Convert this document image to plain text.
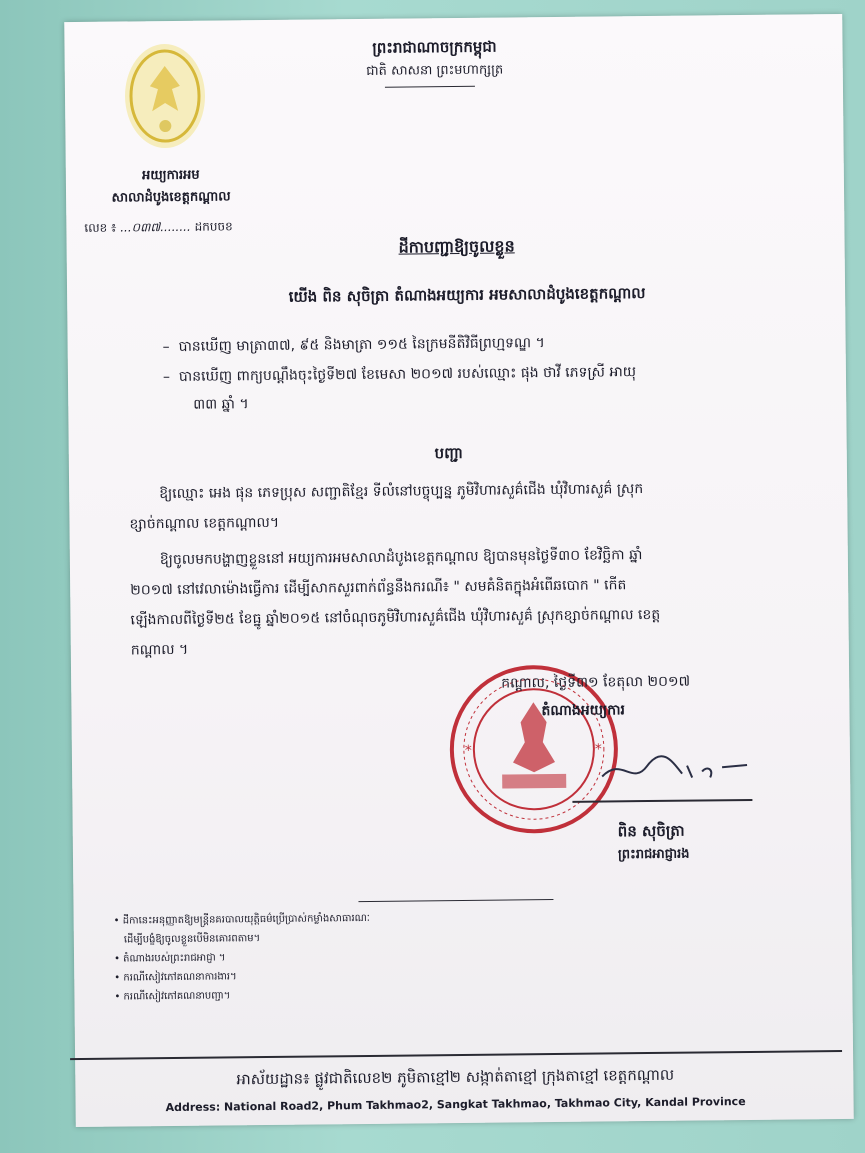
ព្រះរាជាណាចក្រកម្ពុជា
ជាតិ សាសនា ព្រះមហាក្សត្រ
អយ្យការអម
សាលាដំបូងខេត្តកណ្តាល
លេខ ៖ ...០៣៧........ ដកបចខ
ដីកាបញ្ជាឱ្យចូលខ្លួន
យើង ពិន សុចិត្រា តំណាងអយ្យការ អមសាលាដំបូងខេត្តកណ្តាល
–  បានឃើញ មាត្រា៣៧, ៩៥ និងមាត្រា ១១៥ នៃក្រមនីតិវិធីព្រហ្មទណ្ឌ ។
–  បានឃើញ ពាក្យបណ្តឹងចុះថ្ងៃទី២៧ ខែមេសា ២០១៧ របស់ឈ្មោះ ផុង ថាវី ភេទស្រី អាយុ
៣៣ ឆ្នាំ ។
បញ្ជា
ឱ្យឈ្មោះ អេង ផុន ភេទប្រុស សញ្ជាតិខ្មែរ ទីលំនៅបច្ចុប្បន្ន ភូមិវិហារសួគ៌ជើង ឃុំវិហារសួគ៌ ស្រុក
ខ្សាច់កណ្តាល ខេត្តកណ្តាល។
ឱ្យចូលមកបង្ហាញខ្លួននៅ អយ្យការអមសាលាដំបូងខេត្តកណ្តាល ឱ្យបានមុនថ្ងៃទី៣០ ខែវិច្ឆិកា ឆ្នាំ
២០១៧ នៅវេលាម៉ោងធ្វើការ ដើម្បីសាកសួរពាក់ព័ន្ធនឹងករណី៖ " សមគំនិតក្នុងអំពើឆបោក " កើត
ឡើងកាលពីថ្ងៃទី២៥ ខែធ្នូ ឆ្នាំ២០១៥ នៅចំណុចភូមិវិហារសួគ៌ជើង ឃុំវិហារសួគ៌ ស្រុកខ្សាច់កណ្តាល ខេត្ត
កណ្តាល ។
*	*
កណ្តាល, ថ្ងៃទី៣១ ខែតុលា ២០១៧
តំណាងអយ្យការ
ពិន សុចិត្រា
ព្រះរាជអាជ្ញារង
• ដីកានេះអនុញ្ញាតឱ្យមន្ត្រីនគរបាលយុត្តិធម៌ប្រើប្រាស់កម្លាំងសាធារណៈ
ដើម្បីបង្ខំឱ្យចូលខ្លួនបើមិនគោរពតាម។
• តំណាងរបស់ព្រះរាជអាជ្ញា ។
• ករណីសៀវភៅគណនាការងារ។
• ករណីសៀវភៅគណនាបញ្ជា។
អាស័យដ្ឋាន៖ ផ្លូវជាតិលេខ២ ភូមិតាខ្មៅ២ សង្កាត់តាខ្មៅ ក្រុងតាខ្មៅ ខេត្តកណ្តាល
Address: National Road2, Phum Takhmao2, Sangkat Takhmao, Takhmao City, Kandal Province
